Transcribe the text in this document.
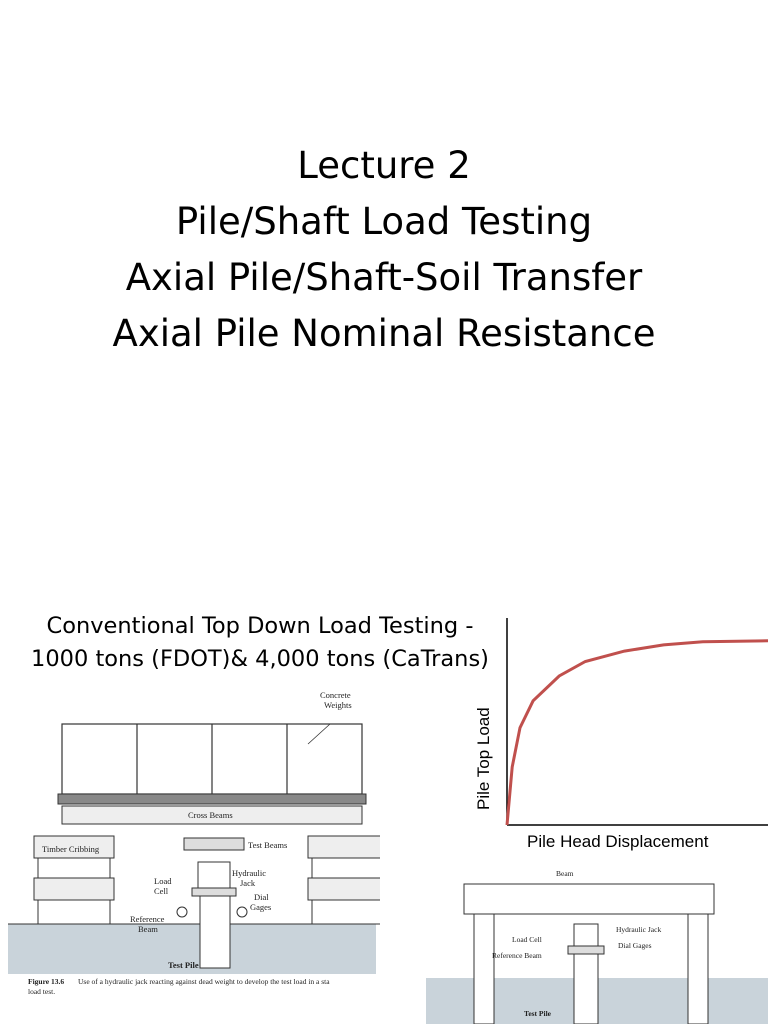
Lecture 2
Pile/Shaft Load Testing
Axial Pile/Shaft-Soil Transfer
Axial Pile Nominal Resistance
Conventional Top Down Load Testing -
1000 tons (FDOT)& 4,000 tons (CaTrans)
Concrete
Weights
Cross Beams
Timber Cribbing	Test Beams
Load
Cell
Hydraulic
Jack
Dial
Gages
Reference
Beam
Test Pile
Figure 13.6 Use of a hydraulic jack reacting against dead weight to develop the test load in a sta
load test.
Beam
Hydraulic Jack
Load Cell
Dial Gages
Reference Beam
Test Pile
Pile Head Displacement
Pile Top Load
